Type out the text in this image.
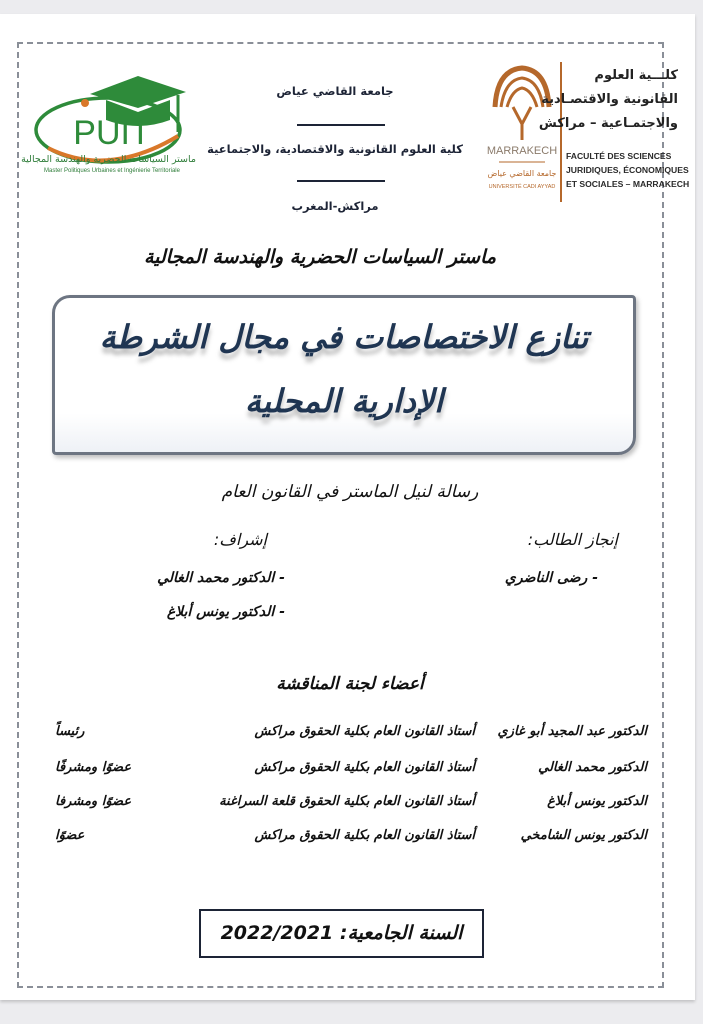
PUIT
ماستر السياسات الحضرية والهندسة المجالية
Master Politiques Urbaines et Ingénierie Territoriale
جامعة القاضي عياض
كلية العلوم القانونية والاقتصادية، والاجتماعية
مراكش-المغرب
MARRAKECH
جامعة القاضي عياض
UNIVERSITÉ CADI AYYAD
كلـــية العلوم
القانونية والاقتصـادية
والاجتمـاعية – مراكش
FACULTÉ DES SCIENCES
JURIDIQUES, ÉCONOMIQUES
ET SOCIALES – MARRAKECH
ماستر السياسات الحضرية والهندسة المجالية
تنازع الاختصاصات في مجال الشرطة
الإدارية المحلية
رسالة لنيل الماستر في القانون العام
إنجاز الطالب:
- رضى الناضري
إشراف:
- الدكتور محمد الغالي
- الدكتور يونس أبلاغ
أعضاء لجنة المناقشة
الدكتور عبد المجيد أبو غازي
أستاذ القانون العام بكلية الحقوق مراكش
رئيساً
الدكتور محمد الغالي
أستاذ القانون العام بكلية الحقوق مراكش
عضوًا ومشرفًا
الدكتور يونس أبلاغ
أستاذ القانون العام بكلية الحقوق قلعة السراغنة
عضوًا ومشرفا
الدكتور يونس الشامخي
أستاذ القانون العام بكلية الحقوق مراكش
عضوًا
السنة الجامعية: 2022/2021
